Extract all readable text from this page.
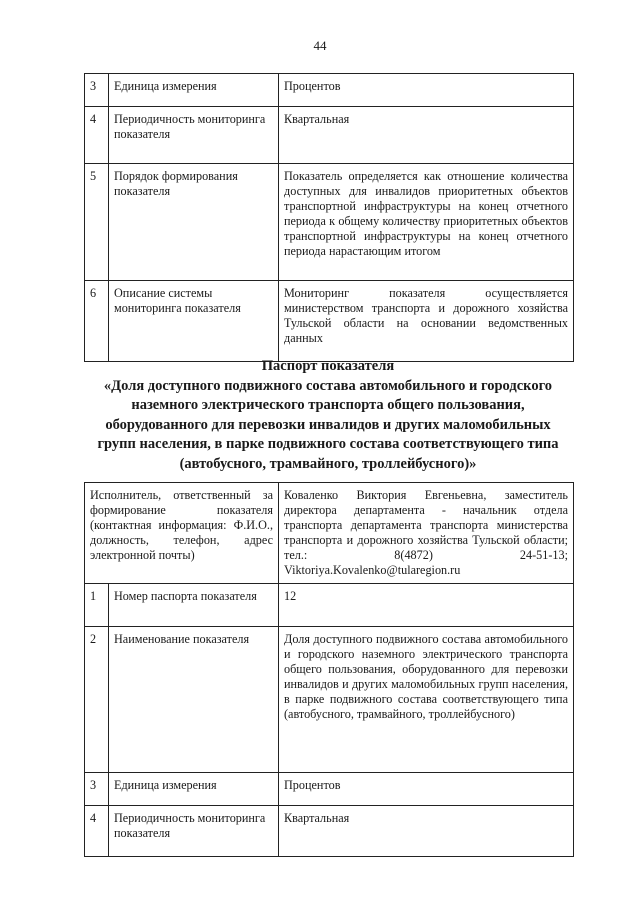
44
3	Единица измерения	Процентов
4	Периодичность мониторинга показателя	Квартальная
5	Порядок формирования показателя	Показатель определяется как отношение количества доступных для инвалидов приоритетных объектов транспортной инфраструктуры на конец отчетного периода к общему количеству приоритетных объектов транспортной инфраструктуры на конец отчетного периода нарастающим итогом
6	Описание системы мониторинга показателя	Мониторинг показателя осуществляется министерством транспорта и дорожного хозяйства Тульской области на основании ведомственных данных
Паспорт показателя
«Доля доступного подвижного состава автомобильного и городского
наземного электрического транспорта общего пользования,
оборудованного для перевозки инвалидов и других маломобильных
групп населения, в парке подвижного состава соответствующего типа
(автобусного, трамвайного, троллейбусного)»
Исполнитель, ответственный за формирование показателя (контактная информация: Ф.И.О., должность, телефон, адрес электронной почты)		Коваленко Виктория Евгеньевна, заместитель директора департамента - начальник отдела транспорта департамента транспорта министерства транспорта и дорожного хозяйства Тульской области; тел.: 8(4872) 24-51-13; Viktoriya.Kovalenko@tularegion.ru
1	Номер паспорта показателя	12
2	Наименование показателя	Доля доступного подвижного состава автомобильного и городского наземного электрического транспорта общего пользования, оборудованного для перевозки инвалидов и других маломобильных групп населения, в парке подвижного состава соответствующего типа (автобусного, трамвайного, троллейбусного)
3	Единица измерения	Процентов
4	Периодичность мониторинга показателя	Квартальная
